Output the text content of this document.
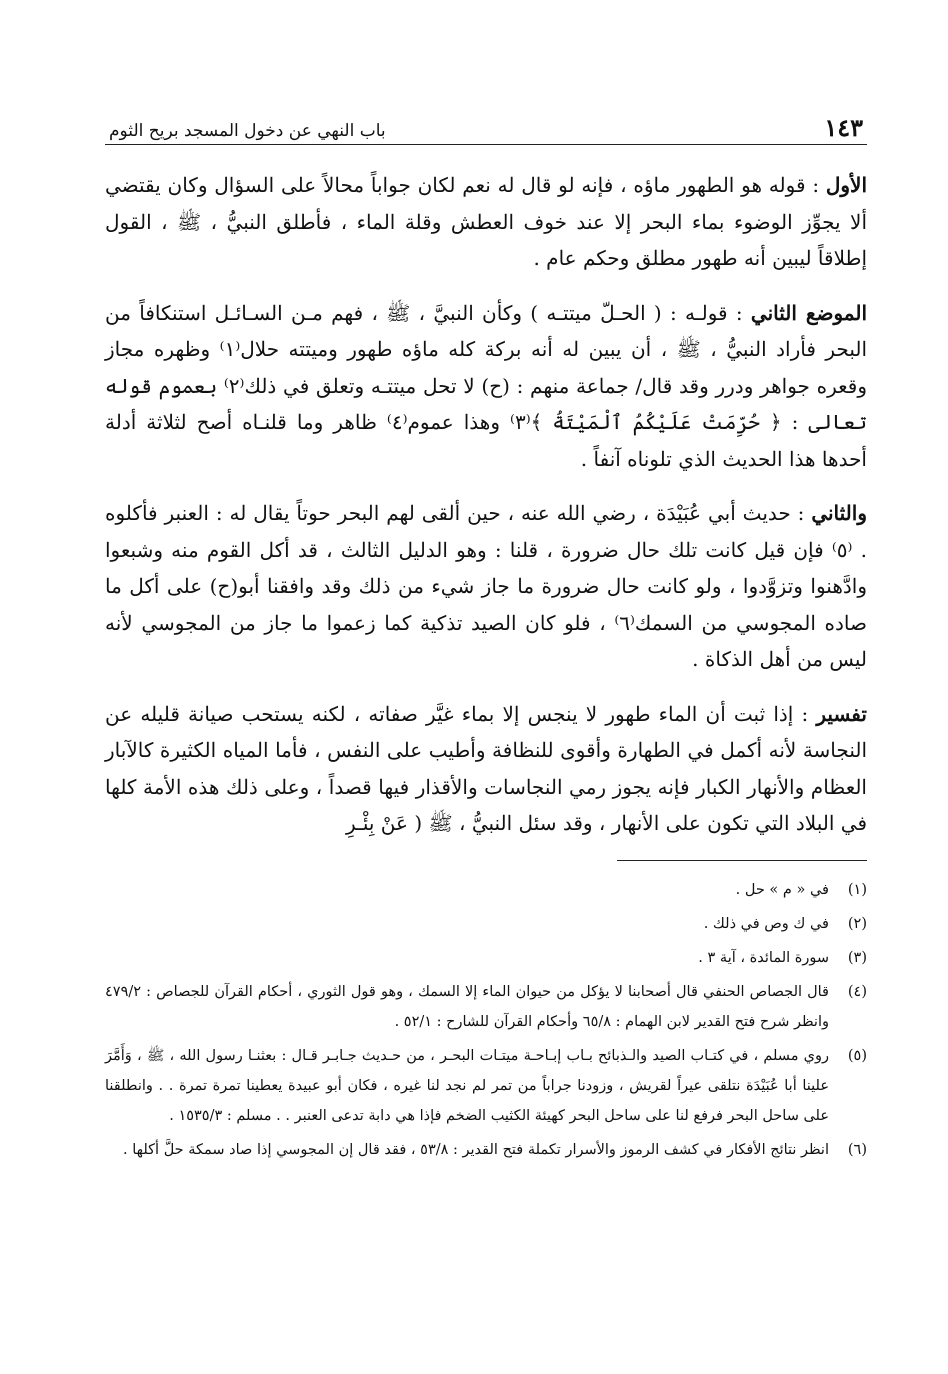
١٤٣
باب النهي عن دخول المسجد بريح الثوم

الأول : قوله هو الطهور ماؤه ، فإنه لو قال له نعم لكان جواباً محالاً على السؤال وكان يقتضي ألا يجوِّز الوضوء بماء البحر إلا عند خوف العطش وقلة الماء ، فأطلق النبيُّ ، ﷺ ، القول إطلاقاً ليبين أنه طهور مطلق وحكم عام .

الموضع الثاني : قولـه : ( الحـلّ ميتتـه ) وكأن النبيَّ ، ﷺ ، فهم مـن السـائـل استنكافاً من البحر فأراد النبيُّ ، ﷺ ، أن يبين له أنه بركة كله ماؤه طهور وميتته حلال⁽١⁾ وظهره مجاز وقعره جواهر ودرر وقد قال/ جماعة منهم : (ح) لا تحل ميتتـه وتعلق في ذلك⁽٢⁾ بعموم قوله تعالى : ﴿ حُرِّمَتْ عَلَيْكُمُ ٱلْمَيْتَةُ ﴾⁽٣⁾ وهذا عموم⁽٤⁾ ظاهر وما قلنـاه أصح لثلاثة أدلة أحدها هذا الحديث الذي تلوناه آنفاً .

والثاني : حديث أبي عُبَيْدَة ، رضي الله عنه ، حين ألقى لهم البحر حوتاً يقال له : العنبر فأكلوه . ⁽٥⁾ فإن قيل كانت تلك حال ضرورة ، قلنا : وهو الدليل الثالث ، قد أكل القوم منه وشبعوا وادَّهنوا وتزوَّدوا ، ولو كانت حال ضرورة ما جاز شيء من ذلك وقد وافقنا أبو(ح) على أكل ما صاده المجوسي من السمك⁽٦⁾ ، فلو كان الصيد تذكية كما زعموا ما جاز من المجوسي لأنه ليس من أهل الذكاة .

تفسير : إذا ثبت أن الماء طهور لا ينجس إلا بماء غيَّر صفاته ، لكنه يستحب صيانة قليله عن النجاسة لأنه أكمل في الطهارة وأقوى للنظافة وأطيب على النفس ، فأما المياه الكثيرة كالآبار العظام والأنهار الكبار فإنه يجوز رمي النجاسات والأقذار فيها قصداً ، وعلى ذلك هذه الأمة كلها في البلاد التي تكون على الأنهار ، وقد سئل النبيُّ ، ﷺ ( عَنْ بِئْـرِ

(١)
في « م » حل .
(٢)
في ك وص في ذلك .
(٣)
سورة المائدة ، آية ٣ .
(٤)
قال الجصاص الحنفي قال أصحابنا لا يؤكل من حيوان الماء إلا السمك ، وهو قول الثوري ، أحكام القرآن للجصاص : ٤٧٩/٢ وانظر شرح فتح القدير لابن الهمام : ٦٥/٨ وأحكام القرآن للشارح : ٥٢/١ .
(٥)
روي مسلم ، في كتـاب الصيد والـذبائح بـاب إبـاحـة ميتـات البحـر ، من حـديث جـابـر قـال : بعثنـا رسول الله ، ﷺ ، وَأَمَّرَ علينا أبا عُبَيْدَة نتلقى عيراً لقريش ، وزودنا جراباً من تمر لم نجد لنا غيره ، فكان أبو عبيدة يعطينا تمرة تمرة . . وانطلقنا على ساحل البحر فرفع لنا على ساحل البحر كهيئة الكثيب الضخم فإذا هي دابة تدعى العنبر . . مسلم : ١٥٣٥/٣ .
(٦)
انظر نتائج الأفكار في كشف الرموز والأسرار تكملة فتح القدير : ٥٣/٨ ، فقد قال إن المجوسي إذا صاد سمكة حلَّ أكلها .
